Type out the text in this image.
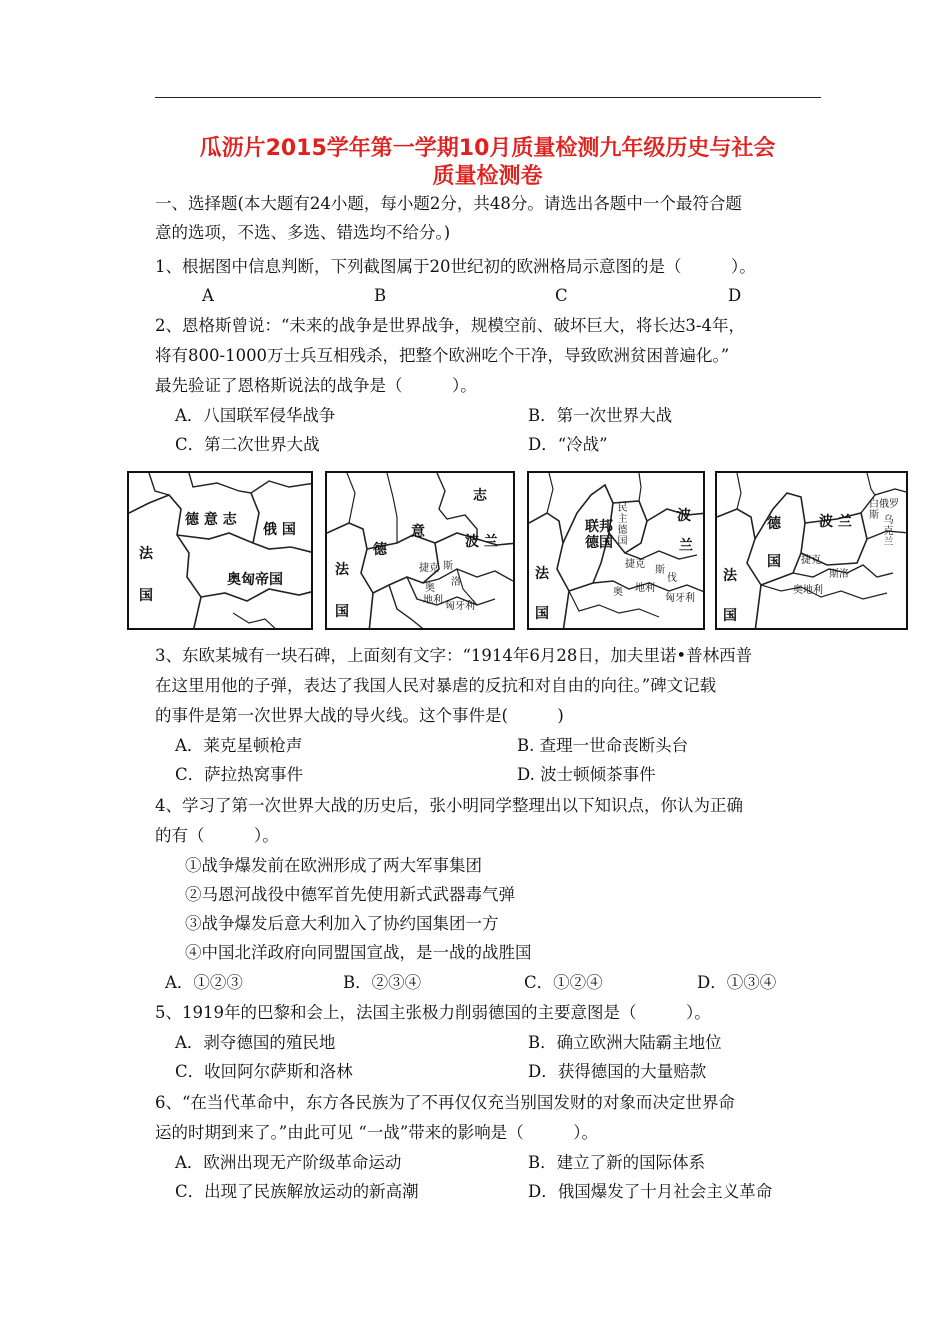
瓜沥片2015学年第一学期10月质量检测九年级历史与社会
质量检测卷
一、选择题(本大题有24小题，每小题2分，共48分。请选出各题中一个最符合题
意的选项，不选、多选、错选均不给分。)
1、根据图中信息判断，下列截图属于20世纪初的欧洲格局示意图的是（　　　）。
A	B	C	D
2、恩格斯曾说：“未来的战争是世界战争，规模空前、破坏巨大，将长达3-4年，
将有800-1000万士兵互相残杀，把整个欧洲吃个干净，导致欧洲贫困普遍化。”
最先验证了恩格斯说法的战争是（　　　）。
A．八国联军侵华战争	B．第一次世界大战
C．第二次世界大战	D．“冷战”
德 意 志
俄 国
法
国
奥匈帝国
志
意
德	波 兰
法
国
捷克 斯
洛
奥
地利
匈牙利
联邦德国
民主德国
波
兰
法
国
捷克
斯
伐
奥 地利
匈牙利
白俄罗斯 乌克兰
德
国
波 兰
捷克
斯洛
法
国
奥地利
3、东欧某城有一块石碑，上面刻有文字：“1914年6月28日，加夫里诺•普林西普
在这里用他的子弹，表达了我国人民对暴虐的反抗和对自由的向往。”碑文记载
的事件是第一次世界大战的导火线。这个事件是(　　　)
A．莱克星顿枪声	B. 查理一世命丧断头台
C．萨拉热窝事件	D. 波士顿倾茶事件
4、学习了第一次世界大战的历史后，张小明同学整理出以下知识点，你认为正确
的有（　　　）。
①战争爆发前在欧洲形成了两大军事集团
②马恩河战役中德军首先使用新式武器毒气弹
③战争爆发后意大利加入了协约国集团一方
④中国北洋政府向同盟国宣战，是一战的战胜国
A．①②③	B．②③④	C．①②④	D．①③④
5、1919年的巴黎和会上，法国主张极力削弱德国的主要意图是（　　　）。
A．剥夺德国的殖民地	B．确立欧洲大陆霸主地位
C．收回阿尔萨斯和洛林	D．获得德国的大量赔款
6、“在当代革命中，东方各民族为了不再仅仅充当别国发财的对象而决定世界命
运的时期到来了。”由此可见 “一战”带来的影响是（　　　）。
A．欧洲出现无产阶级革命运动	B．建立了新的国际体系
C．出现了民族解放运动的新高潮	D．俄国爆发了十月社会主义革命
